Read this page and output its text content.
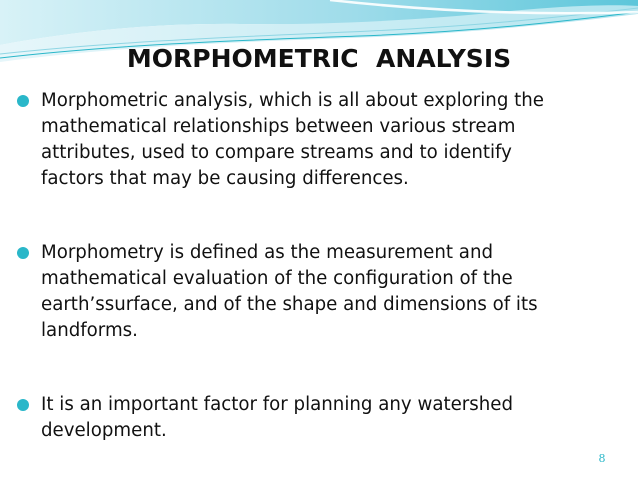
MORPHOMETRIC  ANALYSIS
Morphometric analysis, which is all about exploring the mathematical relationships between various stream attributes, used to compare streams and to identify factors that may be causing differences.
Morphometry is defined as the measurement and mathematical evaluation of the configuration of the earth’ssurface, and of the shape and dimensions of its landforms.
It is an important factor for planning any watershed development.
8
